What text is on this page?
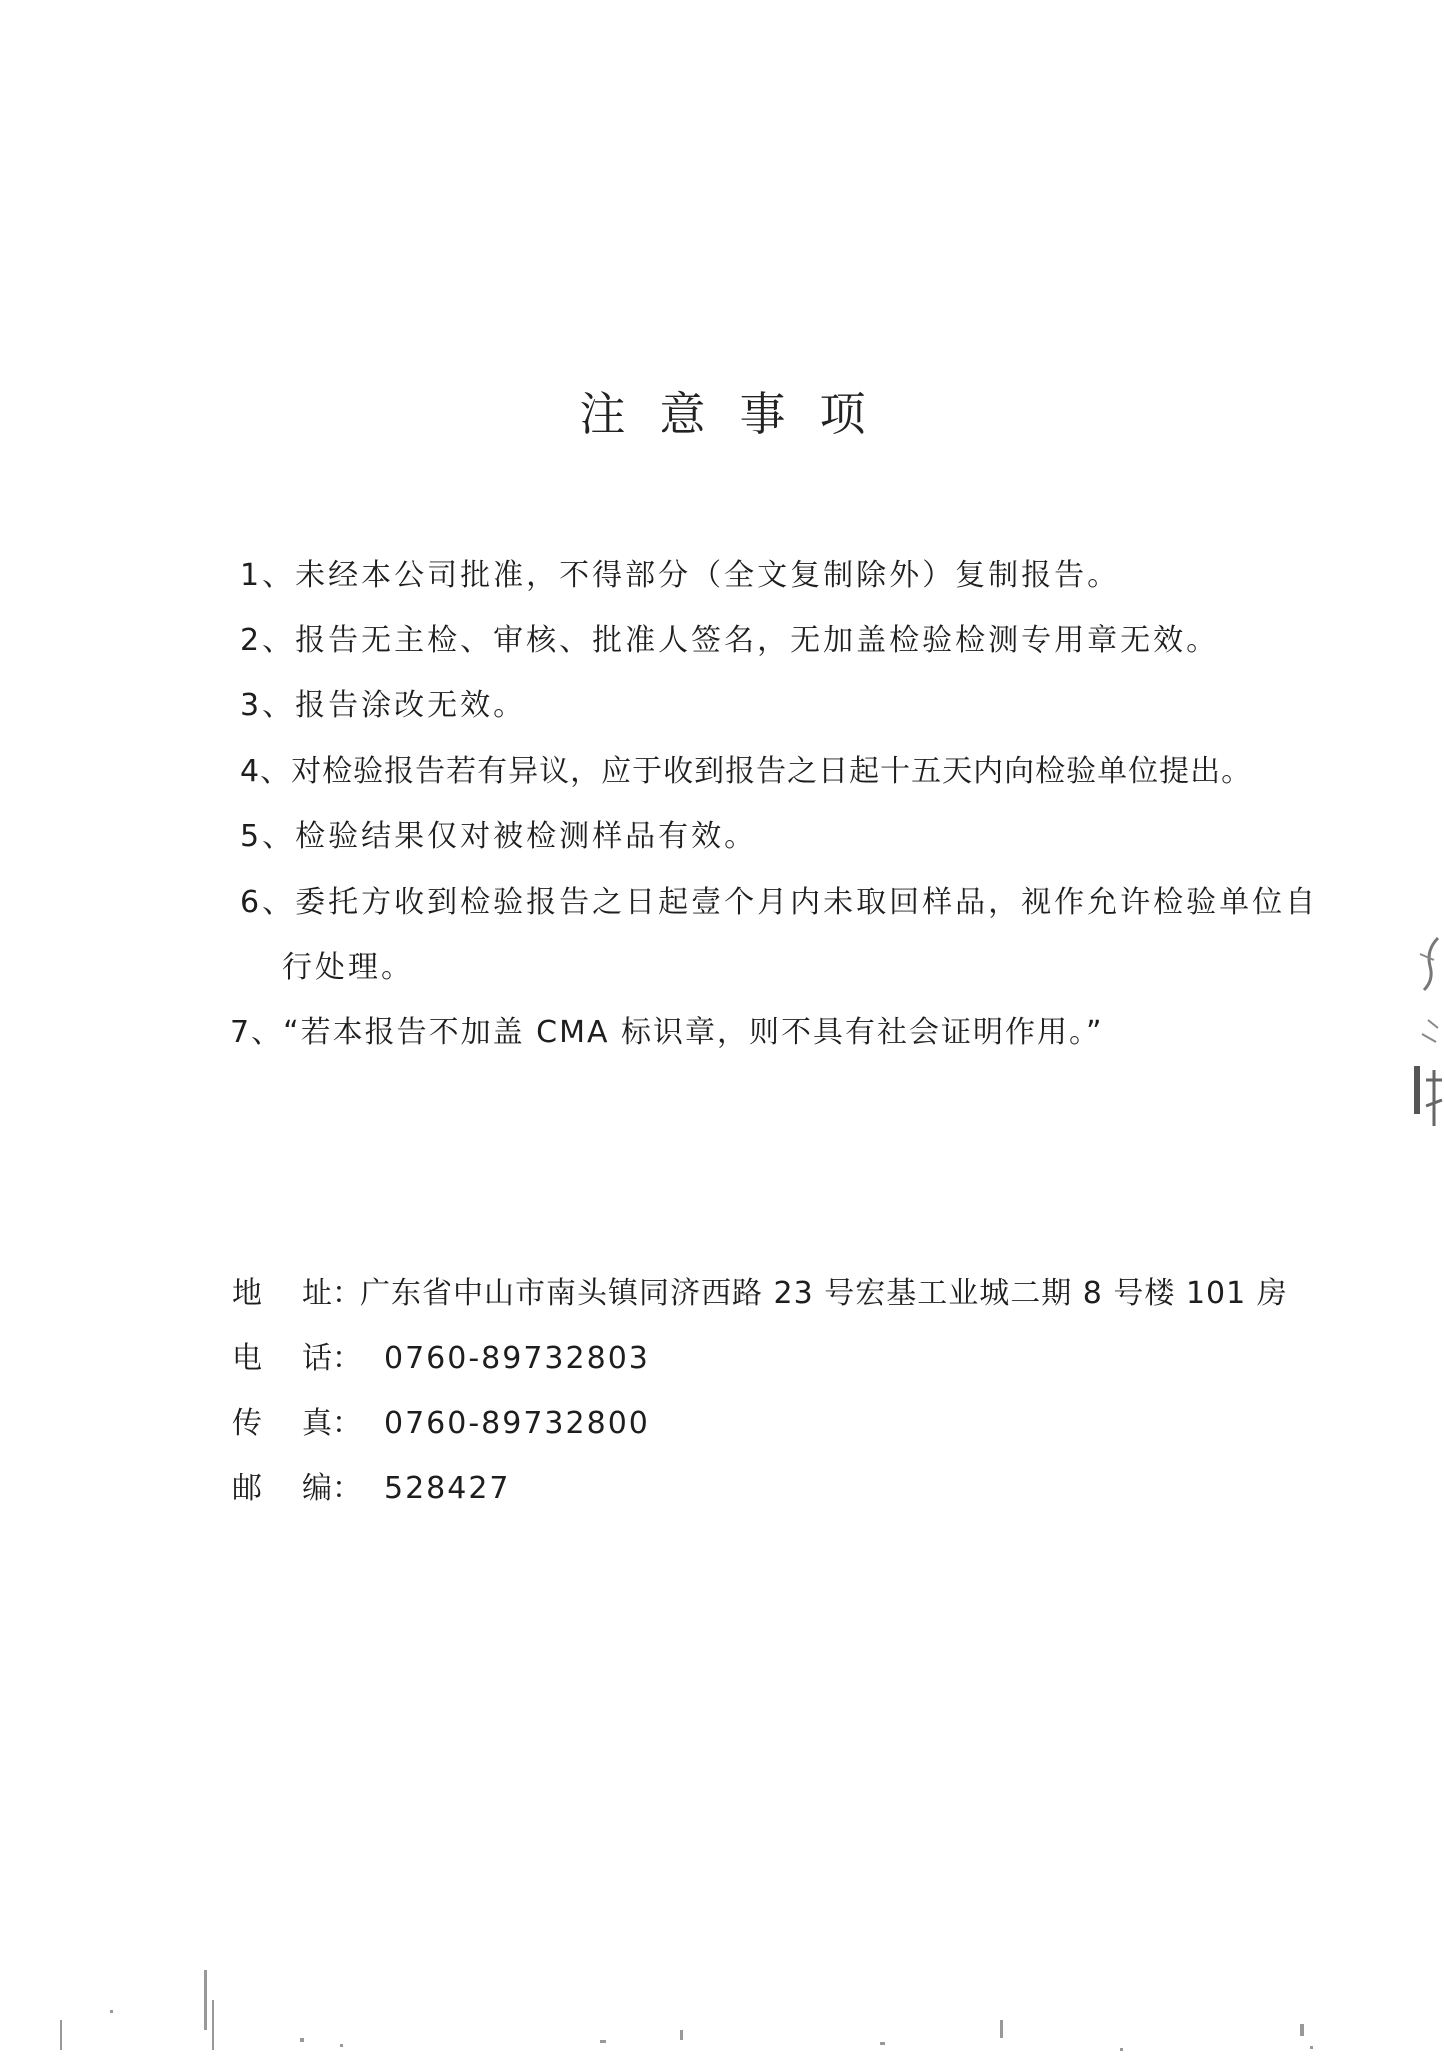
注意事项
1、未经本公司批准，不得部分（全文复制除外）复制报告。
2、报告无主检、审核、批准人签名，无加盖检验检测专用章无效。
3、报告涂改无效。
4、对检验报告若有异议，应于收到报告之日起十五天内向检验单位提出。
5、检验结果仅对被检测样品有效。
6、委托方收到检验报告之日起壹个月内未取回样品，视作允许检验单位自
行处理。
7、“若本报告不加盖 CMA 标识章，则不具有社会证明作用。”
地 址：广东省中山市南头镇同济西路 23 号宏基工业城二期 8 号楼 101 房
电 话： 0760-89732803
传 真： 0760-89732800
邮 编： 528427
